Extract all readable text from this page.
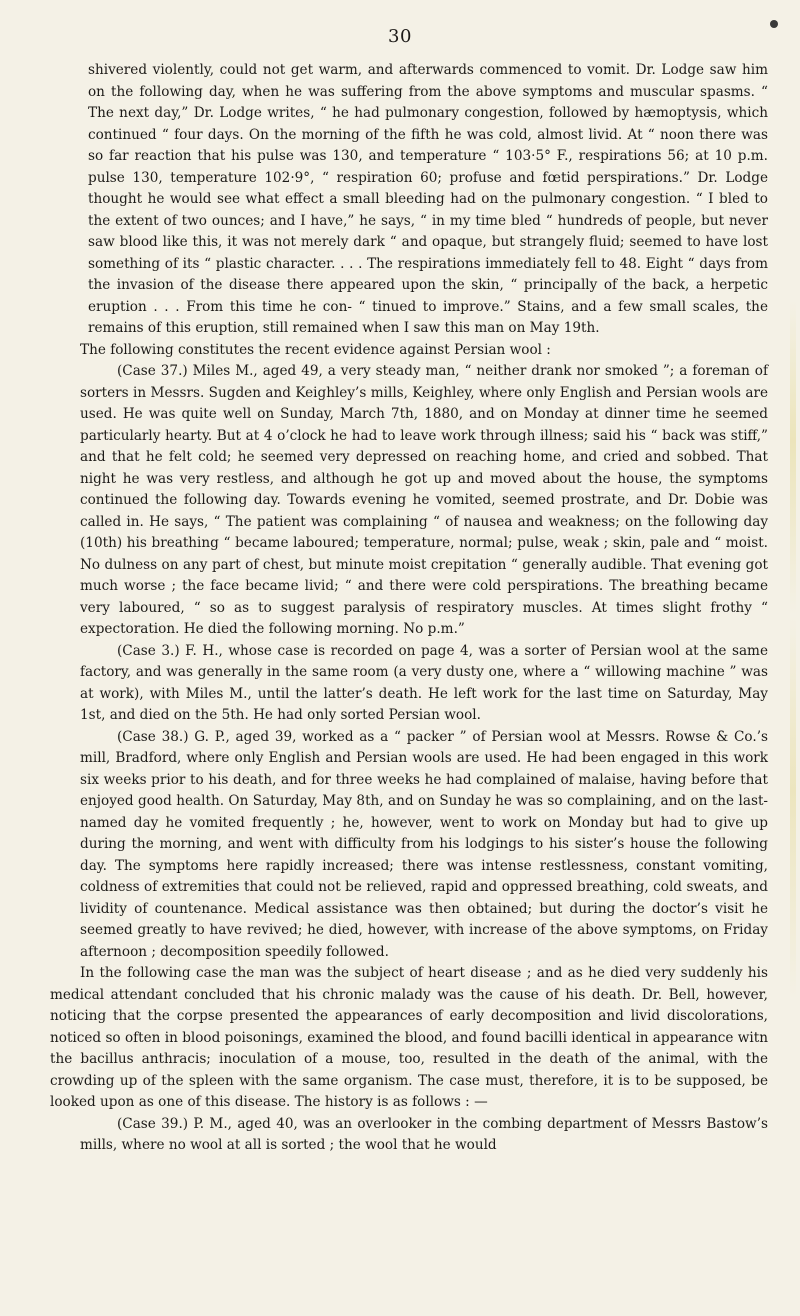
30

shivered violently, could not get warm, and afterwards commenced to vomit. Dr. Lodge saw him on the following day, when he was suffering from the above symptoms and muscular spasms. “ The next day,” Dr. Lodge writes, “ he had pulmonary congestion, followed by hæmoptysis, which continued “ four days. On the morning of the fifth he was cold, almost livid. At “ noon there was so far reaction that his pulse was 130, and temperature “ 103·5° F., respirations 56; at 10 p.m. pulse 130, temperature 102·9°, “ respiration 60; profuse and fœtid perspirations.” Dr. Lodge thought he would see what effect a small bleeding had on the pulmonary congestion. “ I bled to the extent of two ounces; and I have,” he says, “ in my time bled “ hundreds of people, but never saw blood like this, it was not merely dark “ and opaque, but strangely fluid; seemed to have lost something of its “ plastic character. . . . The respirations immediately fell to 48. Eight “ days from the invasion of the disease there appeared upon the skin, “ principally of the back, a herpetic eruption . . . From this time he con- “ tinued to improve.” Stains, and a few small scales, the remains of this eruption, still remained when I saw this man on May 19th.

The following constitutes the recent evidence against Persian wool :

(Case 37.) Miles M., aged 49, a very steady man, “ neither drank nor smoked ”; a foreman of sorters in Messrs. Sugden and Keighley’s mills, Keighley, where only English and Persian wools are used. He was quite well on Sunday, March 7th, 1880, and on Monday at dinner time he seemed particularly hearty. But at 4 o’clock he had to leave work through illness; said his “ back was stiff,” and that he felt cold; he seemed very depressed on reaching home, and cried and sobbed. That night he was very restless, and although he got up and moved about the house, the symptoms continued the following day. Towards evening he vomited, seemed prostrate, and Dr. Dobie was called in. He says, “ The patient was complaining “ of nausea and weakness; on the following day (10th) his breathing “ became laboured; temperature, normal; pulse, weak ; skin, pale and “ moist. No dulness on any part of chest, but minute moist crepitation “ generally audible. That evening got much worse ; the face became livid; “ and there were cold perspirations. The breathing became very laboured, “ so as to suggest paralysis of respiratory muscles. At times slight frothy “ expectoration. He died the following morning. No p.m.”

(Case 3.) F. H., whose case is recorded on page 4, was a sorter of Persian wool at the same factory, and was generally in the same room (a very dusty one, where a “ willowing machine ” was at work), with Miles M., until the latter’s death. He left work for the last time on Saturday, May 1st, and died on the 5th. He had only sorted Persian wool.

(Case 38.) G. P., aged 39, worked as a “ packer ” of Persian wool at Messrs. Rowse & Co.’s mill, Bradford, where only English and Persian wools are used. He had been engaged in this work six weeks prior to his death, and for three weeks he had complained of malaise, having before that enjoyed good health. On Saturday, May 8th, and on Sunday he was so complaining, and on the last-named day he vomited frequently ; he, however, went to work on Monday but had to give up during the morning, and went with difficulty from his lodgings to his sister’s house the following day. The symptoms here rapidly increased; there was intense restlessness, constant vomiting, coldness of extremities that could not be relieved, rapid and oppressed breathing, cold sweats, and lividity of countenance. Medical assistance was then obtained; but during the doctor’s visit he seemed greatly to have revived; he died, however, with increase of the above symptoms, on Friday afternoon ; decomposition speedily followed.

In the following case the man was the subject of heart disease ; and as he died very suddenly his medical attendant concluded that his chronic malady was the cause of his death. Dr. Bell, however, noticing that the corpse presented the appearances of early decomposition and livid discolorations, noticed so often in blood poisonings, examined the blood, and found bacilli identical in appearance witn the bacillus anthracis; inoculation of a mouse, too, resulted in the death of the animal, with the crowding up of the spleen with the same organism. The case must, therefore, it is to be supposed, be looked upon as one of this disease. The history is as follows : —

(Case 39.) P. M., aged 40, was an overlooker in the combing department of Messrs Bastow’s mills, where no wool at all is sorted ; the wool that he would
